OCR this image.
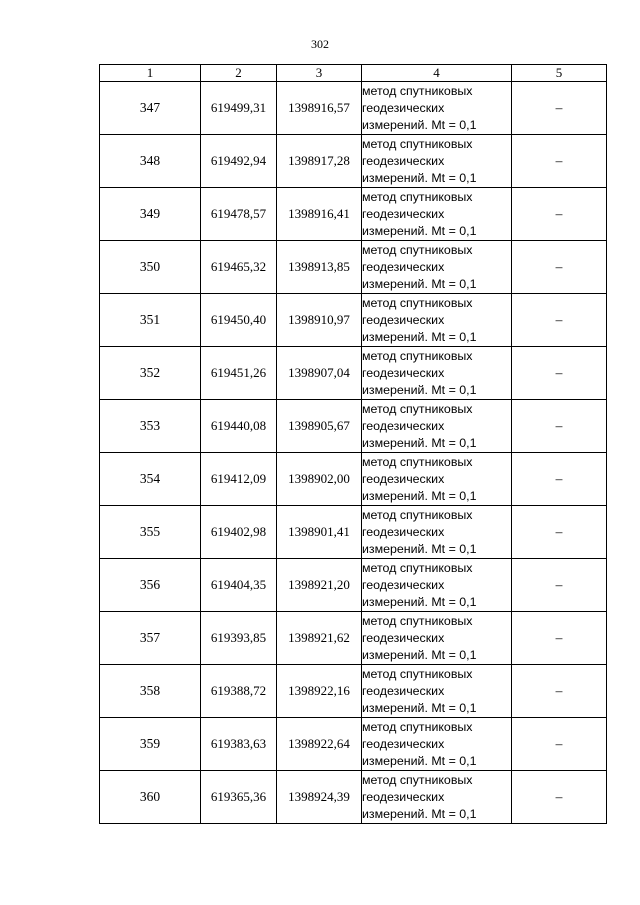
302
1	2	3	4	5
347	619499,31	1398916,57	метод спутниковых
геодезических
измерений. Mt = 0,1	–
348	619492,94	1398917,28	метод спутниковых
геодезических
измерений. Mt = 0,1	–
349	619478,57	1398916,41	метод спутниковых
геодезических
измерений. Mt = 0,1	–
350	619465,32	1398913,85	метод спутниковых
геодезических
измерений. Mt = 0,1	–
351	619450,40	1398910,97	метод спутниковых
геодезических
измерений. Mt = 0,1	–
352	619451,26	1398907,04	метод спутниковых
геодезических
измерений. Mt = 0,1	–
353	619440,08	1398905,67	метод спутниковых
геодезических
измерений. Mt = 0,1	–
354	619412,09	1398902,00	метод спутниковых
геодезических
измерений. Mt = 0,1	–
355	619402,98	1398901,41	метод спутниковых
геодезических
измерений. Mt = 0,1	–
356	619404,35	1398921,20	метод спутниковых
геодезических
измерений. Mt = 0,1	–
357	619393,85	1398921,62	метод спутниковых
геодезических
измерений. Mt = 0,1	–
358	619388,72	1398922,16	метод спутниковых
геодезических
измерений. Mt = 0,1	–
359	619383,63	1398922,64	метод спутниковых
геодезических
измерений. Mt = 0,1	–
360	619365,36	1398924,39	метод спутниковых
геодезических
измерений. Mt = 0,1	–
